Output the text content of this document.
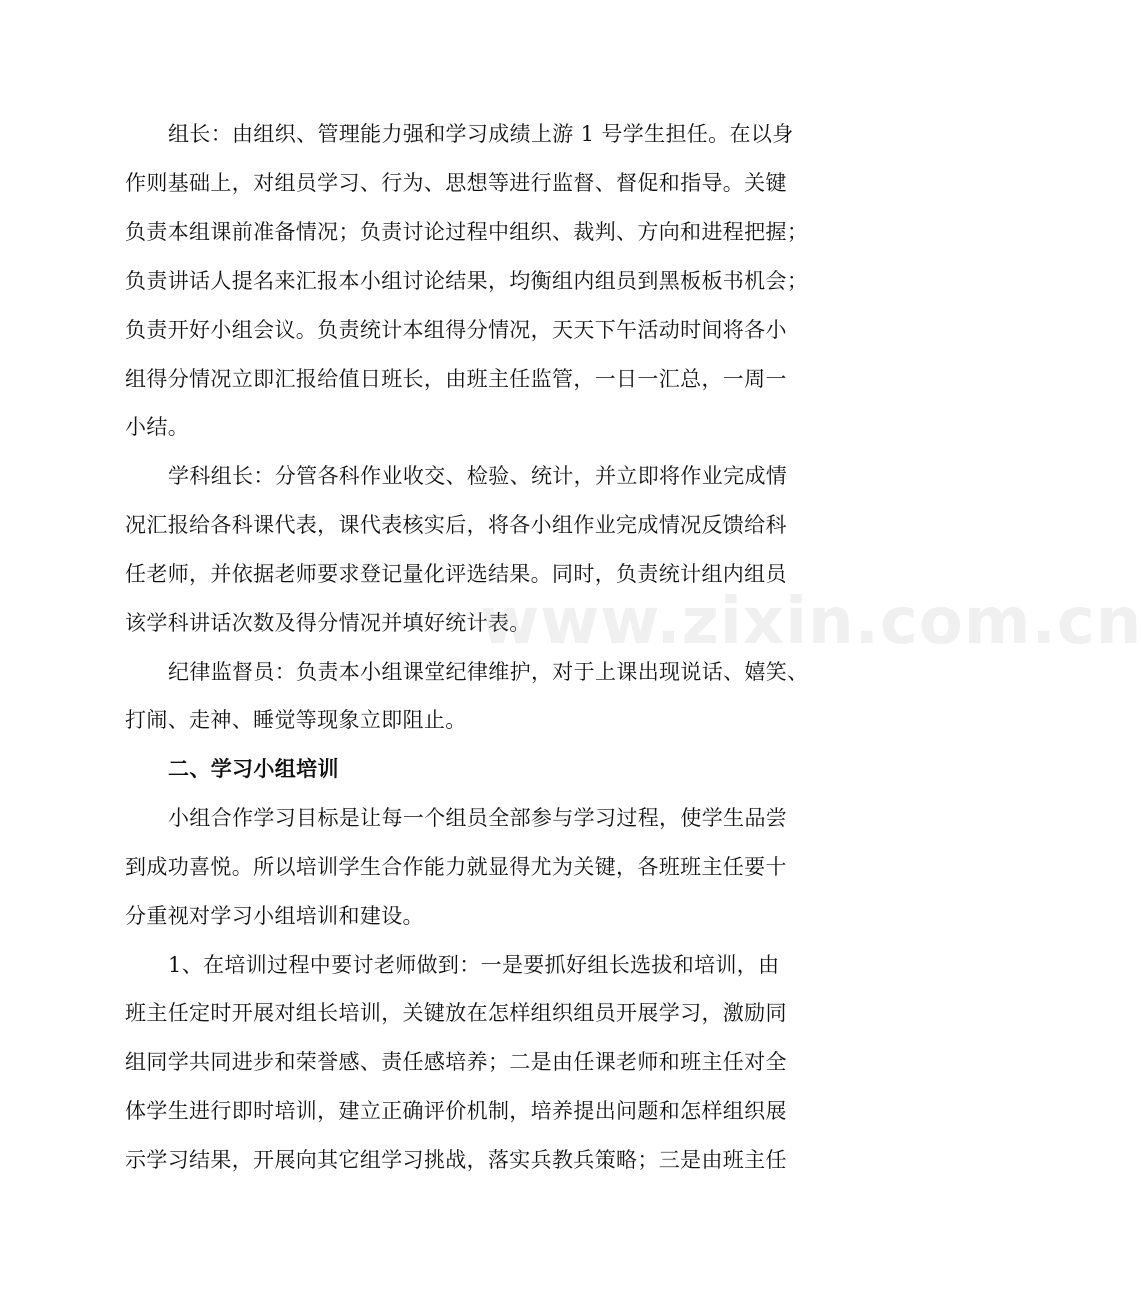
组长：由组织、管理能力强和学习成绩上游 1 号学生担任。在以身
作则基础上，对组员学习、行为、思想等进行监督、督促和指导。关键
负责本组课前准备情况；负责讨论过程中组织、裁判、方向和进程把握；
负责讲话人提名来汇报本小组讨论结果，均衡组内组员到黑板板书机会；
负责开好小组会议。负责统计本组得分情况，天天下午活动时间将各小
组得分情况立即汇报给值日班长，由班主任监管，一日一汇总，一周一
小结。
学科组长：分管各科作业收交、检验、统计，并立即将作业完成情
况汇报给各科课代表，课代表核实后，将各小组作业完成情况反馈给科
任老师，并依据老师要求登记量化评选结果。同时，负责统计组内组员
该学科讲话次数及得分情况并填好统计表。
纪律监督员：负责本小组课堂纪律维护，对于上课出现说话、嬉笑、
打闹、走神、睡觉等现象立即阻止。
二、学习小组培训
小组合作学习目标是让每一个组员全部参与学习过程，使学生品尝
到成功喜悦。所以培训学生合作能力就显得尤为关键，各班班主任要十
分重视对学习小组培训和建设。
1、在培训过程中要讨老师做到：一是要抓好组长选拔和培训，由
班主任定时开展对组长培训，关键放在怎样组织组员开展学习，激励同
组同学共同进步和荣誉感、责任感培养；二是由任课老师和班主任对全
体学生进行即时培训，建立正确评价机制，培养提出问题和怎样组织展
示学习结果，开展向其它组学习挑战，落实兵教兵策略；三是由班主任
www.zixin.com.cn
